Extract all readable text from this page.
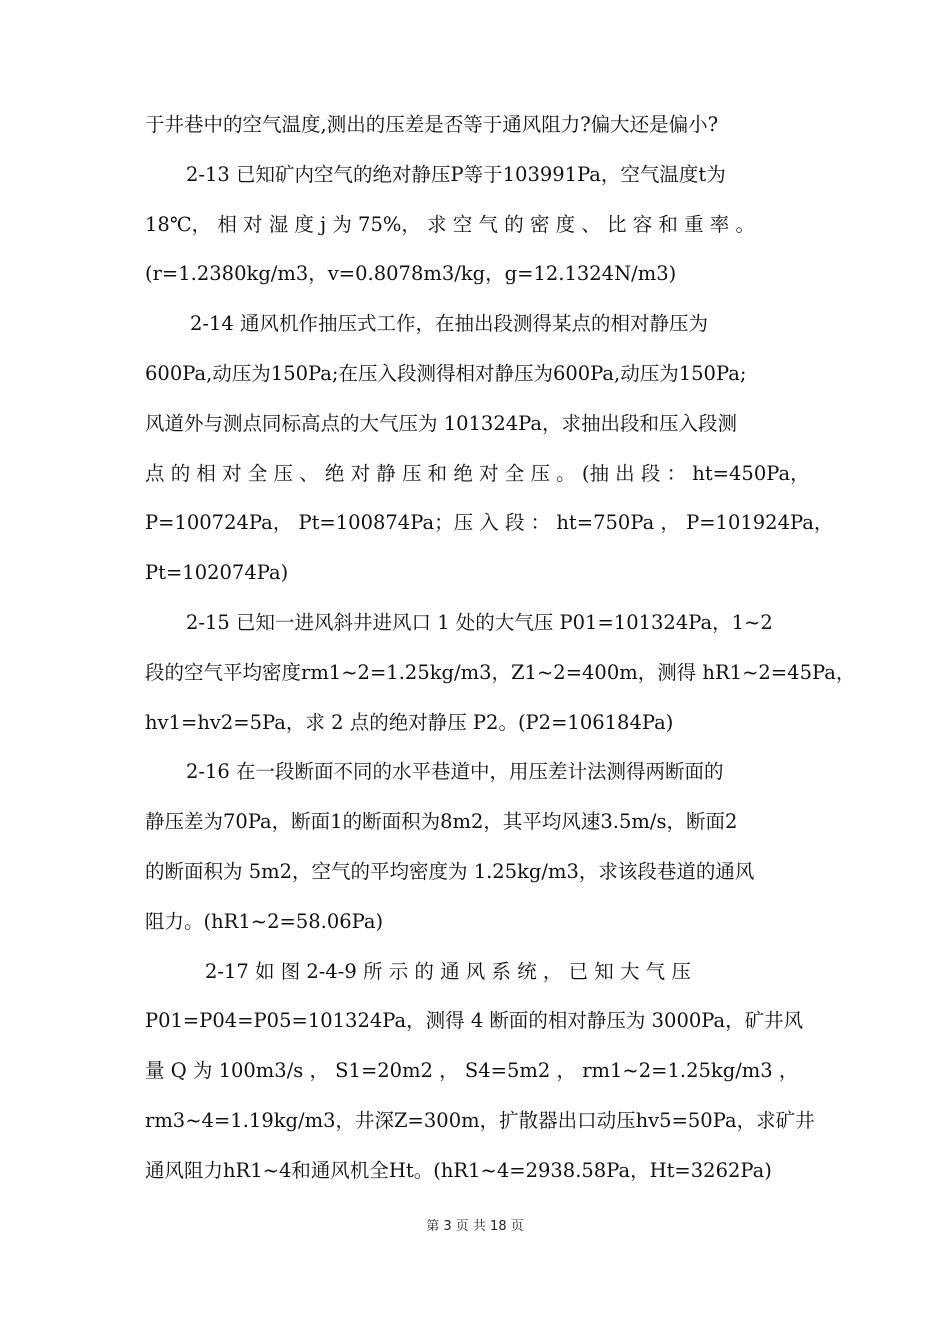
于井巷中的空气温度,测出的压差是否等于通风阻力?偏大还是偏小?
2-13 已知矿内空气的绝对静压P等于103991Pa，空气温度t为
18℃， 相 对 湿 度 j 为 75%， 求 空 气 的 密 度 、 比 容 和 重 率 。
(r=1.2380kg/m3，v=0.8078m3/kg，g=12.1324N/m3)
2-14 通风机作抽压式工作，在抽出段测得某点的相对静压为
600Pa,动压为150Pa;在压入段测得相对静压为600Pa,动压为150Pa;
风道外与测点同标高点的大气压为 101324Pa，求抽出段和压入段测
点 的 相 对 全 压 、 绝 对 静 压 和 绝 对 全 压 。 (抽 出 段 ： ht=450Pa，
P=100724Pa， Pt=100874Pa；压 入 段 ： ht=750Pa ， P=101924Pa，
Pt=102074Pa)
2-15 已知一进风斜井进风口 1 处的大气压 P01=101324Pa，1~2
段的空气平均密度rm1~2=1.25kg/m3，Z1~2=400m，测得 hR1~2=45Pa，
hv1=hv2=5Pa，求 2 点的绝对静压 P2。(P2=106184Pa)
2-16 在一段断面不同的水平巷道中，用压差计法测得两断面的
静压差为70Pa，断面1的断面积为8m2，其平均风速3.5m/s，断面2
的断面积为 5m2，空气的平均密度为 1.25kg/m3，求该段巷道的通风
阻力。(hR1~2=58.06Pa)
2-17 如 图 2-4-9 所 示 的 通 风 系 统 ， 已 知 大 气 压
P01=P04=P05=101324Pa，测得 4 断面的相对静压为 3000Pa，矿井风
量 Q 为 100m3/s ， S1=20m2 ， S4=5m2 ， rm1~2=1.25kg/m3 ，
rm3~4=1.19kg/m3，井深Z=300m，扩散器出口动压hv5=50Pa，求矿井
通风阻力hR1~4和通风机全Ht。(hR1~4=2938.58Pa，Ht=3262Pa)
第 3 页 共 18 页
